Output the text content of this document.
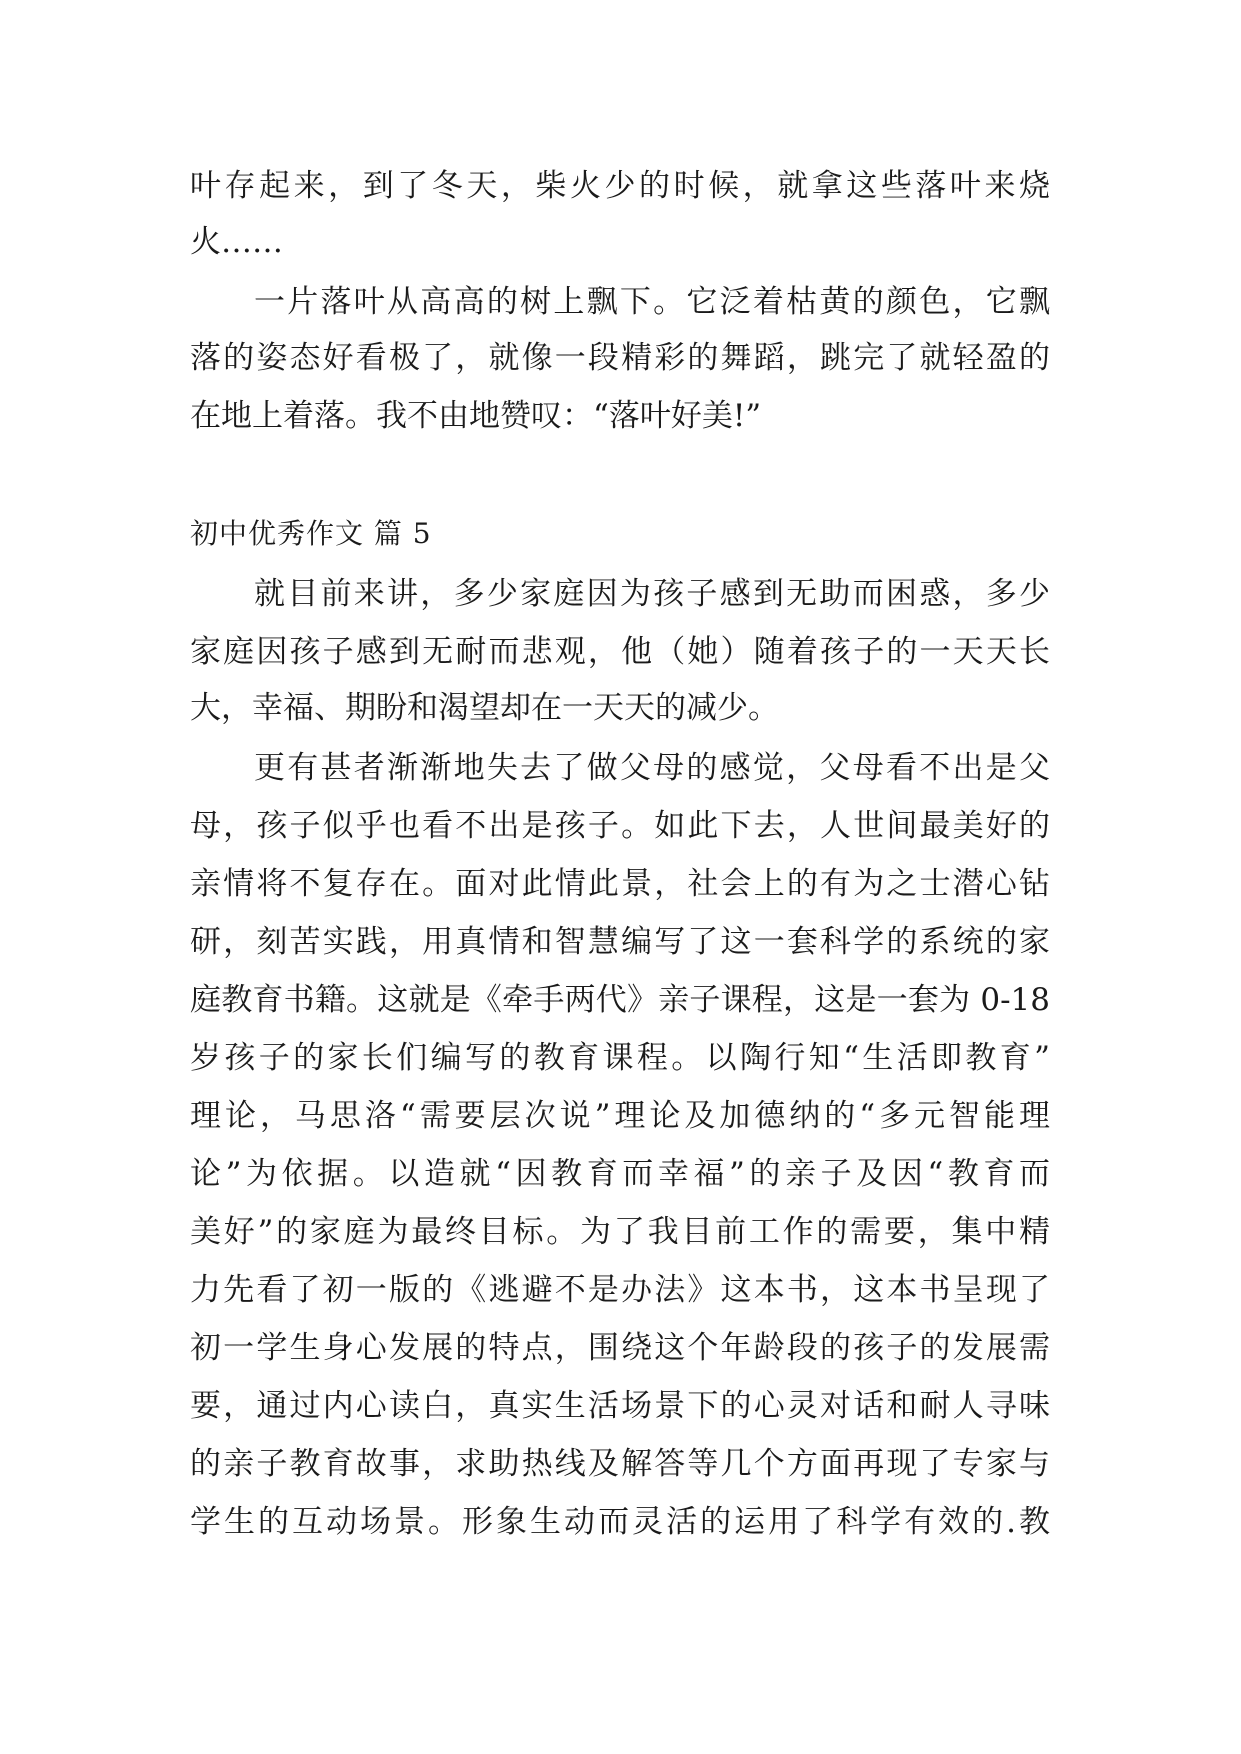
叶存起来，到了冬天，柴火少的时候，就拿这些落叶来烧
火……
一片落叶从高高的树上飘下。它泛着枯黄的颜色，它飘
落的姿态好看极了，就像一段精彩的舞蹈，跳完了就轻盈的
在地上着落。我不由地赞叹：“落叶好美!”
初中优秀作文 篇 5
就目前来讲，多少家庭因为孩子感到无助而困惑，多少
家庭因孩子感到无耐而悲观，他（她）随着孩子的一天天长
大，幸福、期盼和渴望却在一天天的减少。
更有甚者渐渐地失去了做父母的感觉，父母看不出是父
母，孩子似乎也看不出是孩子。如此下去，人世间最美好的
亲情将不复存在。面对此情此景，社会上的有为之士潜心钻
研，刻苦实践，用真情和智慧编写了这一套科学的系统的家
庭教育书籍。这就是《牵手两代》亲子课程，这是一套为 0-18
岁孩子的家长们编写的教育课程。以陶行知“生活即教育”
理论，马思洛“需要层次说”理论及加德纳的“多元智能理
论”为依据。以造就“因教育而幸福”的亲子及因“教育而
美好”的家庭为最终目标。为了我目前工作的需要，集中精
力先看了初一版的《逃避不是办法》这本书，这本书呈现了
初一学生身心发展的特点，围绕这个年龄段的孩子的发展需
要，通过内心读白，真实生活场景下的心灵对话和耐人寻味
的亲子教育故事，求助热线及解答等几个方面再现了专家与
学生的互动场景。形象生动而灵活的运用了科学有效的.教
